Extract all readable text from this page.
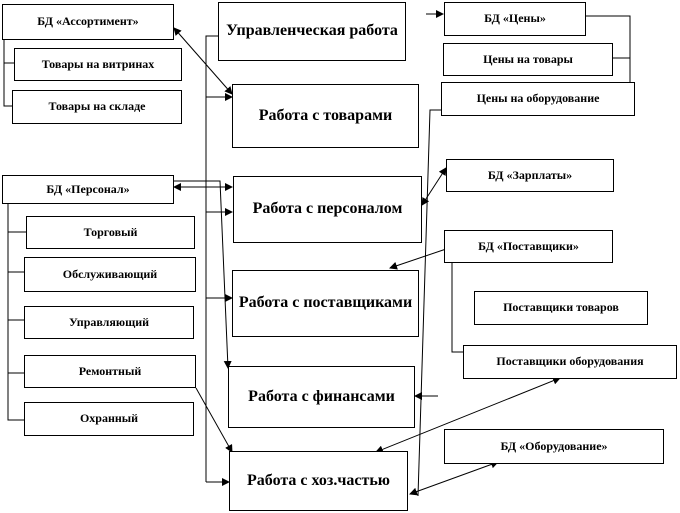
Управленческая работа
Работа с товарами
Работа с персоналом
Работа с поставщиками
Работа с финансами
Работа с хоз.частью
БД «Ассортимент»
Товары на витринах
Товары на складе
БД «Персонал»
Торговый
Обслуживающий
Управляющий
Ремонтный
Охранный
БД «Цены»
Цены на товары
Цены на оборудование
БД «Зарплаты»
БД «Поставщики»
Поставщики товаров
Поставщики оборудования
БД «Оборудование»
